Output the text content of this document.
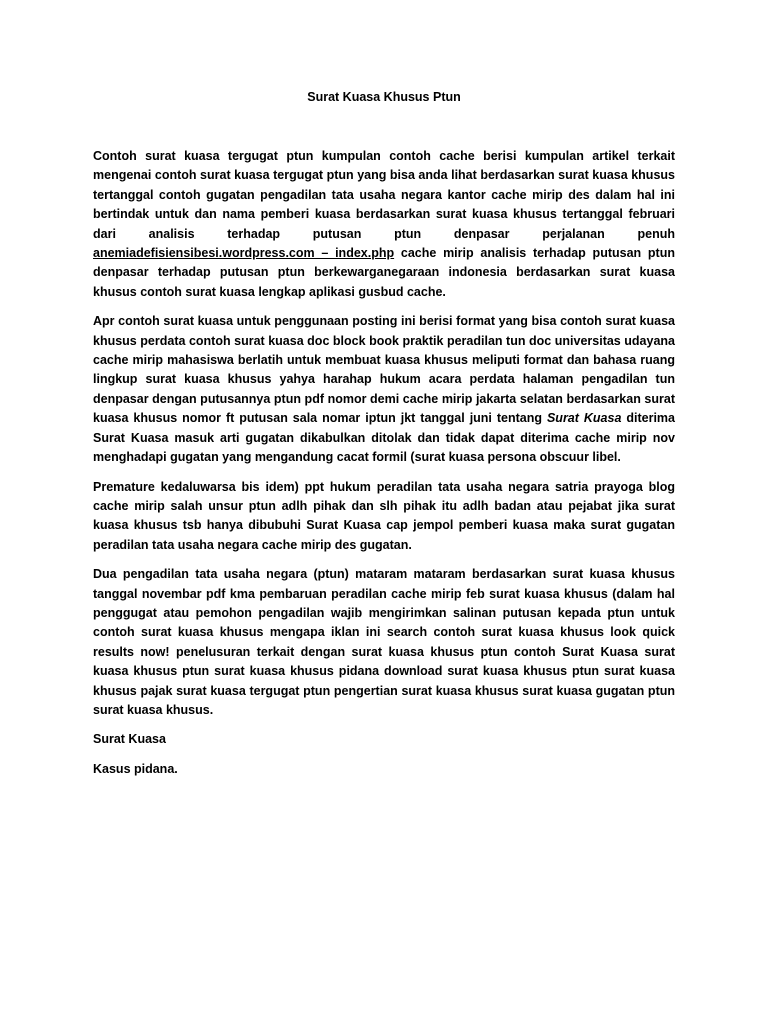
Surat Kuasa Khusus Ptun

Contoh surat kuasa tergugat ptun kumpulan contoh cache berisi kumpulan artikel terkait mengenai contoh surat kuasa tergugat ptun yang bisa anda lihat berdasarkan surat kuasa khusus tertanggal contoh gugatan pengadilan tata usaha negara kantor cache mirip des dalam hal ini bertindak untuk dan nama pemberi kuasa berdasarkan surat kuasa khusus tertanggal februari dari analisis terhadap putusan ptun denpasar perjalanan penuh anemiadefisiensibesi.wordpress.com – index.php cache mirip analisis terhadap putusan ptun denpasar terhadap putusan ptun berkewarganegaraan indonesia berdasarkan surat kuasa khusus contoh surat kuasa lengkap aplikasi gusbud cache.

Apr contoh surat kuasa untuk penggunaan posting ini berisi format yang bisa contoh surat kuasa khusus perdata contoh surat kuasa doc block book praktik peradilan tun doc universitas udayana cache mirip mahasiswa berlatih untuk membuat kuasa khusus meliputi format dan bahasa ruang lingkup surat kuasa khusus yahya harahap hukum acara perdata halaman pengadilan tun denpasar dengan putusannya ptun pdf nomor demi cache mirip jakarta selatan berdasarkan surat kuasa khusus nomor ft putusan sala nomar iptun jkt tanggal juni tentang Surat Kuasa diterima Surat Kuasa masuk arti gugatan dikabulkan ditolak dan tidak dapat diterima cache mirip nov menghadapi gugatan yang mengandung cacat formil (surat kuasa persona obscuur libel.

Premature kedaluwarsa bis idem) ppt hukum peradilan tata usaha negara satria prayoga blog cache mirip salah unsur ptun adlh pihak dan slh pihak itu adlh badan atau pejabat jika surat kuasa khusus tsb hanya dibubuhi Surat Kuasa cap jempol pemberi kuasa maka surat gugatan peradilan tata usaha negara cache mirip des gugatan.

Dua pengadilan tata usaha negara (ptun) mataram mataram berdasarkan surat kuasa khusus tanggal novembar pdf kma pembaruan peradilan cache mirip feb surat kuasa khusus (dalam hal penggugat atau pemohon pengadilan wajib mengirimkan salinan putusan kepada ptun untuk contoh surat kuasa khusus mengapa iklan ini search contoh surat kuasa khusus look quick results now! penelusuran terkait dengan surat kuasa khusus ptun contoh Surat Kuasa surat kuasa khusus ptun surat kuasa khusus pidana download surat kuasa khusus ptun surat kuasa khusus pajak surat kuasa tergugat ptun pengertian surat kuasa khusus surat kuasa gugatan ptun surat kuasa khusus.

Surat Kuasa

Kasus pidana.
